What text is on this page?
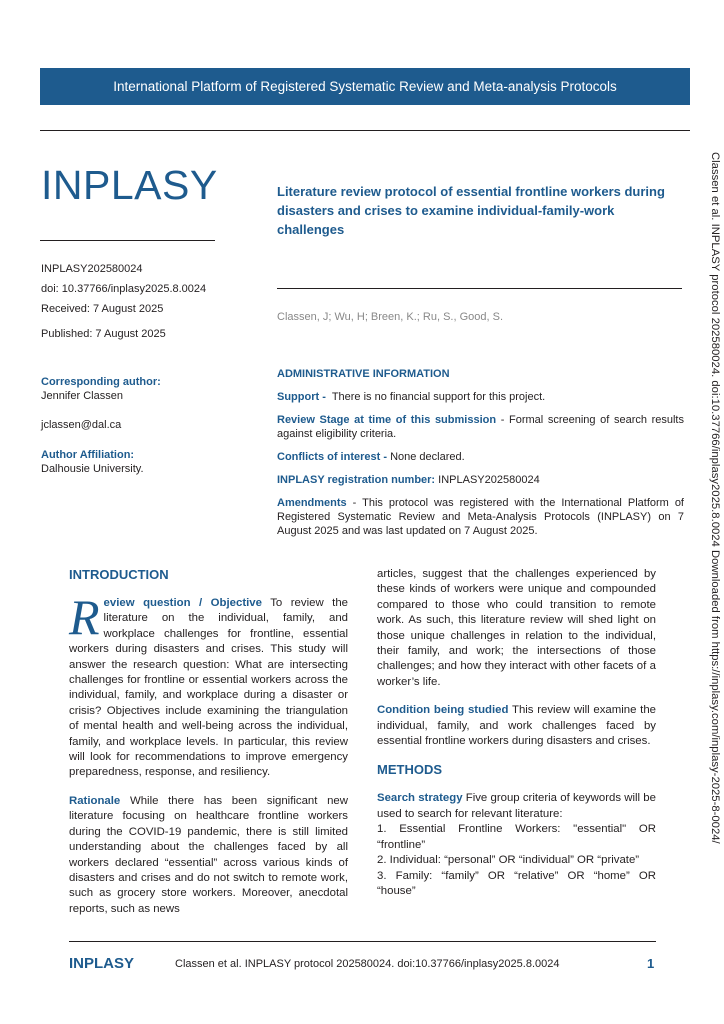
International Platform of Registered Systematic Review and Meta-analysis Protocols
INPLASY	Literature review protocol of essential frontline workers during disasters and crises to examine individual-family-work challenges
Classen, J; Wu, H; Breen, K.; Ru, S., Good, S.
INPLASY202580024
doi: 10.37766/inplasy2025.8.0024
Received: 7 August 2025
Published: 7 August 2025
Corresponding author:
Jennifer Classen
jclassen@dal.ca
Author Affiliation:
Dalhousie University.
ADMINISTRATIVE INFORMATION

Support - There is no financial support for this project.

Review Stage at time of this submission - Formal screening of search results against eligibility criteria.

Conflicts of interest - None declared.

INPLASY registration number: INPLASY202580024

Amendments - This protocol was registered with the International Platform of Registered Systematic Review and Meta-Analysis Protocols (INPLASY) on 7 August 2025 and was last updated on 7 August 2025.

INTRODUCTION

Review question / Objective To review the literature on the individual, family, and workplace challenges for frontline, essential workers during disasters and crises. This study will answer the research question: What are intersecting challenges for frontline or essential workers across the individual, family, and workplace during a disaster or crisis? Objectives include examining the triangulation of mental health and well-being across the individual, family, and workplace levels. In particular, this review will look for recommendations to improve emergency preparedness, response, and resiliency.

Rationale While there has been significant new literature focusing on healthcare frontline workers during the COVID-19 pandemic, there is still limited understanding about the challenges faced by all workers declared “essential” across various kinds of disasters and crises and do not switch to remote work, such as grocery store workers. Moreover, anecdotal reports, such as news

articles, suggest that the challenges experienced by these kinds of workers were unique and compounded compared to those who could transition to remote work. As such, this literature review will shed light on those unique challenges in relation to the individual, their family, and work; the intersections of those challenges; and how they interact with other facets of a worker’s life.

Condition being studied This review will examine the individual, family, and work challenges faced by essential frontline workers during disasters and crises.

METHODS

Search strategy Five group criteria of keywords will be used to search for relevant literature:

1. Essential Frontline Workers: "essential" OR “frontline”

2. Individual: “personal” OR “individual” OR “private”

3. Family: “family” OR “relative” OR “home” OR “house”

Classen et al. INPLASY protocol 202580024. doi:10.37766/inplasy2025.8.0024 Downloaded from https://inplasy.com/inplasy-2025-8-0024/
INPLASY	Classen et al. INPLASY protocol 202580024. doi:10.37766/inplasy2025.8.0024	1
